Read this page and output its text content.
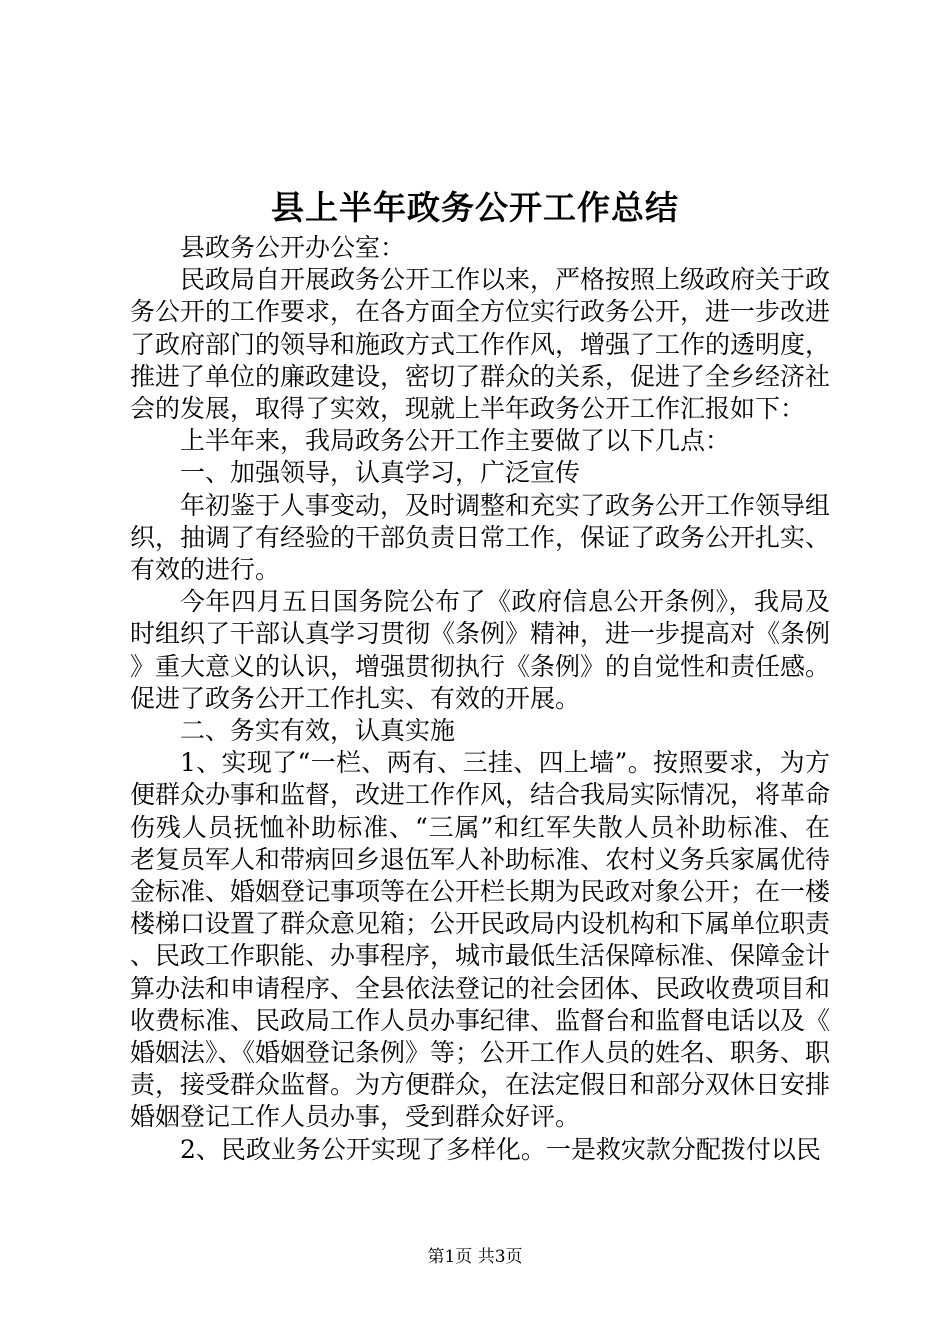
县上半年政务公开工作总结

县政务公开办公室：

民政局自开展政务公开工作以来，严格按照上级政府关于政务公开的工作要求，在各方面全方位实行政务公开，进一步改进了政府部门的领导和施政方式工作作风，增强了工作的透明度，推进了单位的廉政建设，密切了群众的关系，促进了全乡经济社会的发展，取得了实效，现就上半年政务公开工作汇报如下：

上半年来，我局政务公开工作主要做了以下几点：

一、加强领导，认真学习，广泛宣传

年初鉴于人事变动，及时调整和充实了政务公开工作领导组织，抽调了有经验的干部负责日常工作，保证了政务公开扎实、有效的进行。

今年四月五日国务院公布了《政府信息公开条例》，我局及时组织了干部认真学习贯彻《条例》精神，进一步提高对《条例》重大意义的认识，增强贯彻执行《条例》的自觉性和责任感。促进了政务公开工作扎实、有效的开展。

二、务实有效，认真实施

1、实现了“一栏、两有、三挂、四上墙”。按照要求，为方便群众办事和监督，改进工作作风，结合我局实际情况，将革命伤残人员抚恤补助标准、“三属”和红军失散人员补助标准、在老复员军人和带病回乡退伍军人补助标准、农村义务兵家属优待金标准、婚姻登记事项等在公开栏长期为民政对象公开；在一楼楼梯口设置了群众意见箱；公开民政局内设机构和下属单位职责、民政工作职能、办事程序，城市最低生活保障标准、保障金计算办法和申请程序、全县依法登记的社会团体、民政收费项目和收费标准、民政局工作人员办事纪律、监督台和监督电话以及《婚姻法》、《婚姻登记条例》等；公开工作人员的姓名、职务、职责，接受群众监督。为方便群众，在法定假日和部分双休日安排婚姻登记工作人员办事，受到群众好评。

2、民政业务公开实现了多样化。一是救灾款分配拨付以民

第1页 共3页
